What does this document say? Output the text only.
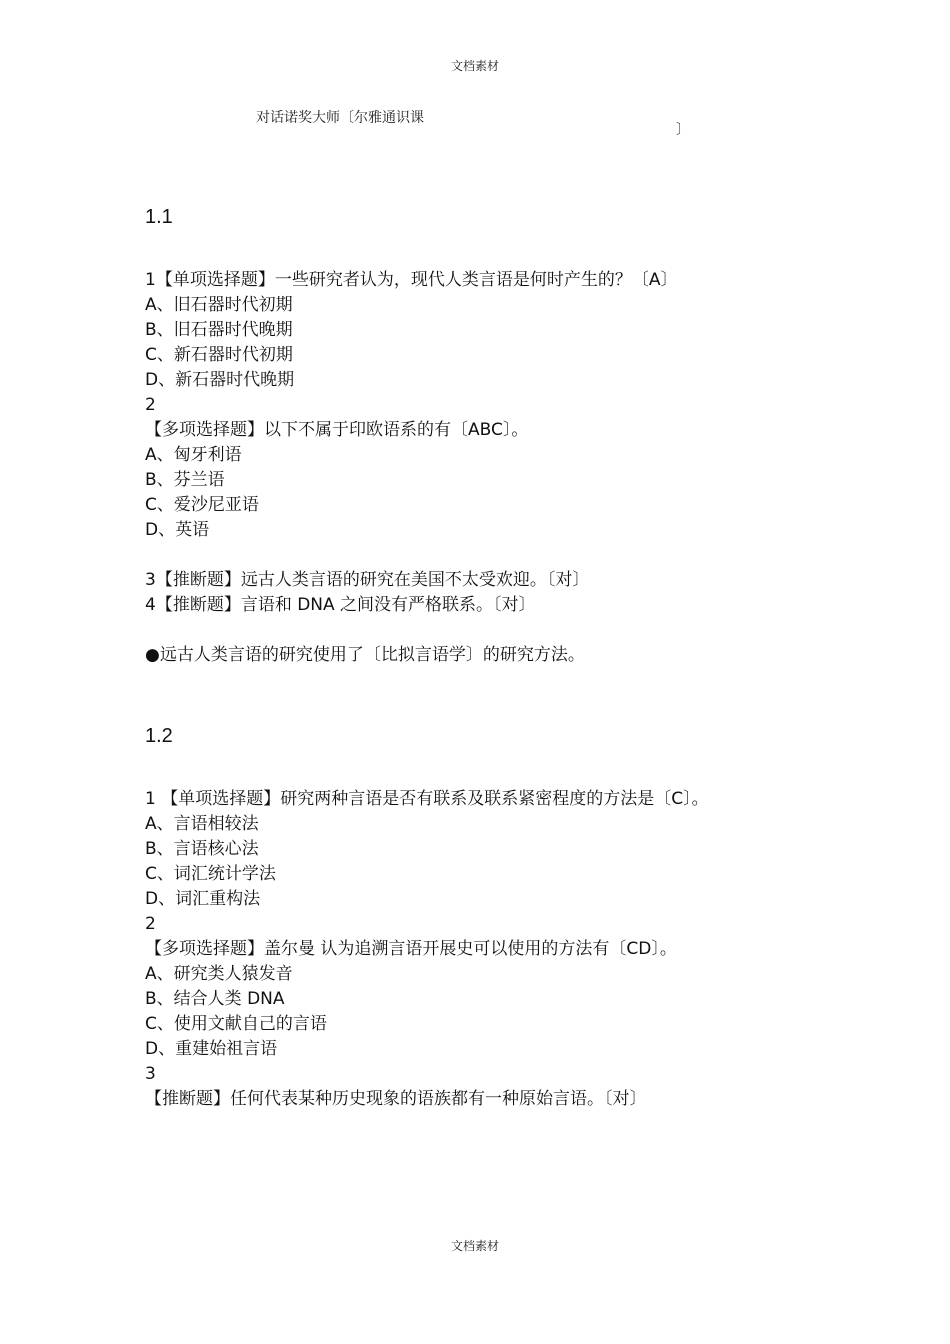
文档素材
对话诺奖大师〔尔雅通识课
〕
1.1
1【单项选择题】一些研究者认为，现代人类言语是何时产生的？〔A〕
A、旧石器时代初期
B、旧石器时代晚期
C、新石器时代初期
D、新石器时代晚期
2
【多项选择题】以下不属于印欧语系的有〔ABC〕。
A、匈牙利语
B、芬兰语
C、爱沙尼亚语
D、英语
3【推断题】远古人类言语的研究在美国不太受欢迎。〔对〕
4【推断题】言语和 DNA 之间没有严格联系。〔对〕
●远古人类言语的研究使用了〔比拟言语学〕的研究方法。
1.2
1 【单项选择题】研究两种言语是否有联系及联系紧密程度的方法是〔C〕。
A、言语相较法
B、言语核心法
C、词汇统计学法
D、词汇重构法
2
【多项选择题】盖尔曼 认为追溯言语开展史可以使用的方法有〔CD〕。
A、研究类人猿发音
B、结合人类 DNA
C、使用文献自己的言语
D、重建始祖言语
3
【推断题】任何代表某种历史现象的语族都有一种原始言语。〔对〕
文档素材
